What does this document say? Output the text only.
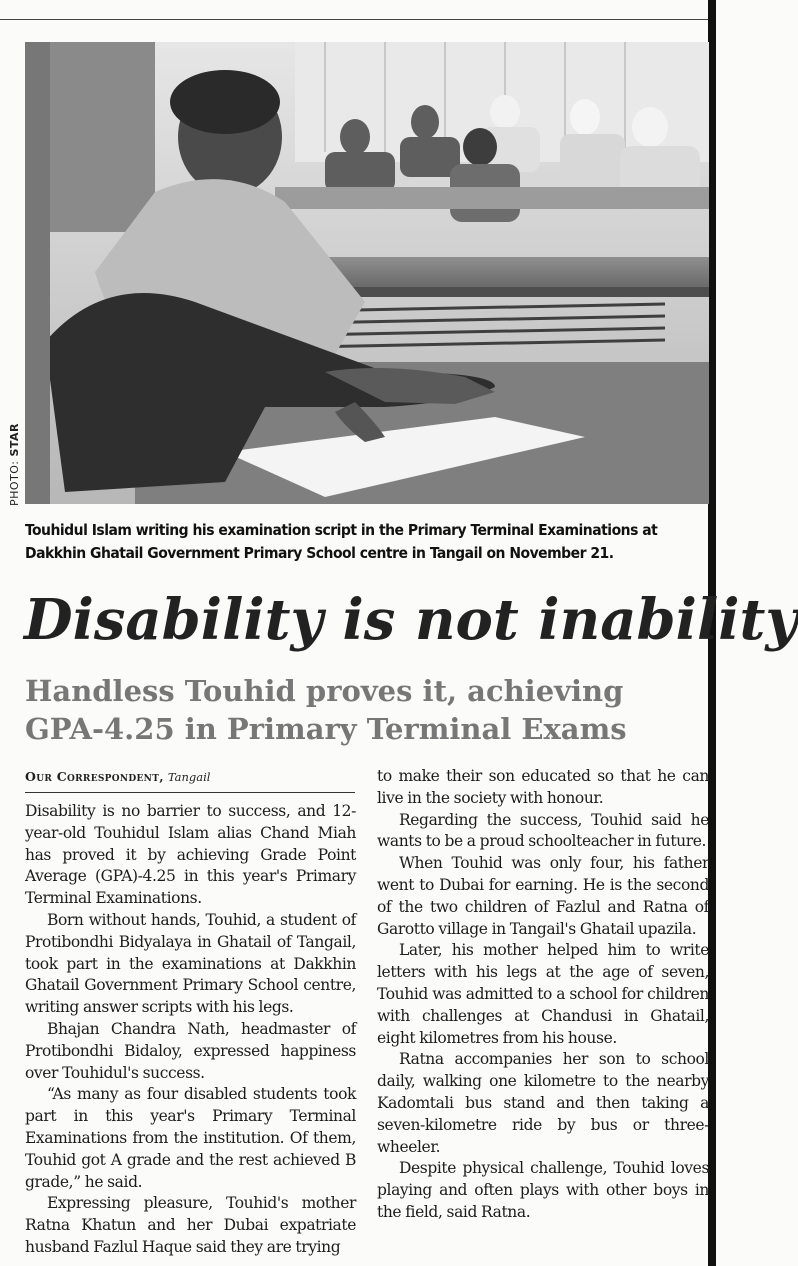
PHOTO: STAR
Touhidul Islam writing his examination script in the Primary Terminal Examinations at Dakkhin Ghatail Government Primary School centre in Tangail on November 21.
Disability is not inability
Handless Touhid proves it, achieving GPA-4.25 in Primary Terminal Exams
Our Correspondent, Tangail

Disability is no barrier to success, and 12-year-old Touhidul Islam alias Chand Miah has proved it by achieving Grade Point Average (GPA)-4.25 in this year's Primary Terminal Examinations.

Born without hands, Touhid, a student of Protibondhi Bidyalaya in Ghatail of Tangail, took part in the examinations at Dakkhin Ghatail Government Primary School centre, writing answer scripts with his legs.

Bhajan Chandra Nath, headmaster of Protibondhi Bidaloy, expressed happiness over Touhidul's success.

“As many as four disabled students took part in this year's Primary Terminal Examinations from the institution. Of them, Touhid got A grade and the rest achieved B grade,” he said.

Expressing pleasure, Touhid's mother Ratna Khatun and her Dubai expatriate husband Fazlul Haque said they are trying

to make their son educated so that he can live in the society with honour.

Regarding the success, Touhid said he wants to be a proud schoolteacher in future.

When Touhid was only four, his father went to Dubai for earning. He is the second of the two children of Fazlul and Ratna of Garotto village in Tangail's Ghatail upazila.

Later, his mother helped him to write letters with his legs at the age of seven, Touhid was admitted to a school for children with challenges at Chandusi in Ghatail, eight kilometres from his house.

Ratna accompanies her son to school daily, walking one kilometre to the nearby Kadomtali bus stand and then taking a seven-kilometre ride by bus or three-wheeler.

Despite physical challenge, Touhid loves playing and often plays with other boys in the field, said Ratna.
